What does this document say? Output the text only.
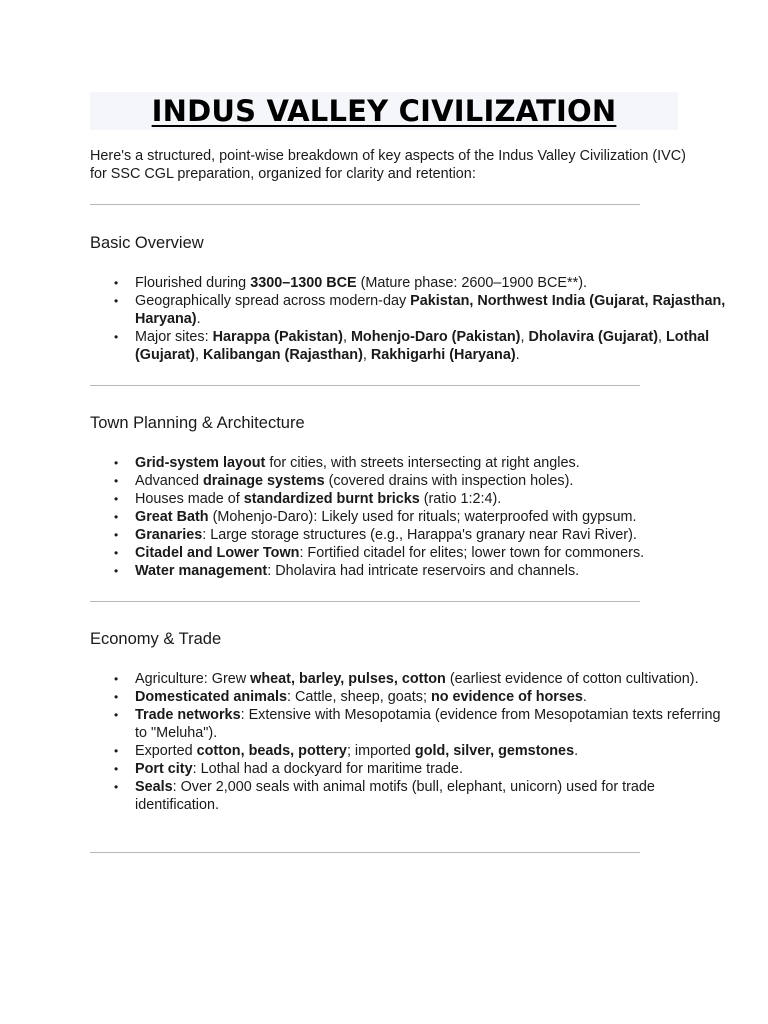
INDUS VALLEY CIVILIZATION

Here's a structured, point-wise breakdown of key aspects of the Indus Valley Civilization (IVC) for SSC CGL preparation, organized for clarity and retention:

Basic Overview
• Flourished during 3300–1300 BCE (Mature phase: 2600–1900 BCE**).
• Geographically spread across modern-day Pakistan, Northwest India (Gujarat, Rajasthan, Haryana).
• Major sites: Harappa (Pakistan), Mohenjo-Daro (Pakistan), Dholavira (Gujarat), Lothal (Gujarat), Kalibangan (Rajasthan), Rakhigarhi (Haryana).
Town Planning & Architecture
• Grid-system layout for cities, with streets intersecting at right angles.
• Advanced drainage systems (covered drains with inspection holes).
• Houses made of standardized burnt bricks (ratio 1:2:4).
• Great Bath (Mohenjo-Daro): Likely used for rituals; waterproofed with gypsum.
• Granaries: Large storage structures (e.g., Harappa's granary near Ravi River).
• Citadel and Lower Town: Fortified citadel for elites; lower town for commoners.
• Water management: Dholavira had intricate reservoirs and channels.
Economy & Trade
• Agriculture: Grew wheat, barley, pulses, cotton (earliest evidence of cotton cultivation).
• Domesticated animals: Cattle, sheep, goats; no evidence of horses.
• Trade networks: Extensive with Mesopotamia (evidence from Mesopotamian texts referring to "Meluha").
• Exported cotton, beads, pottery; imported gold, silver, gemstones.
• Port city: Lothal had a dockyard for maritime trade.
• Seals: Over 2,000 seals with animal motifs (bull, elephant, unicorn) used for trade identification.
